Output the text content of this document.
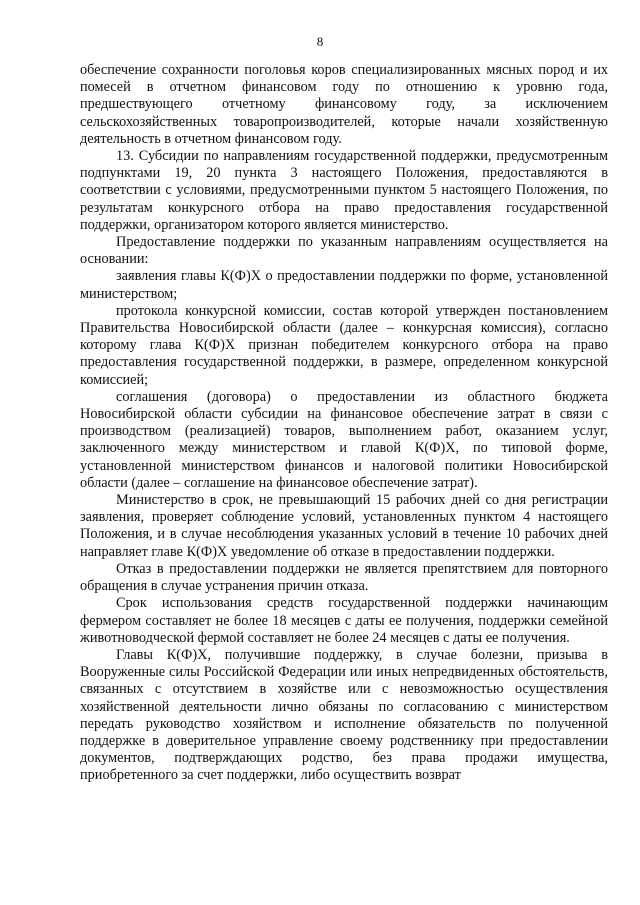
8

обеспечение сохранности поголовья коров специализированных мясных пород и их помесей в отчетном финансовом году по отношению к уровню года, предшествующего отчетному финансовому году, за исключением сельскохозяйственных товаропроизводителей, которые начали хозяйственную деятельность в отчетном финансовом году.

13. Субсидии по направлениям государственной поддержки, предусмотренным подпунктами 19, 20 пункта 3 настоящего Положения, предоставляются в соответствии с условиями, предусмотренными пунктом 5 настоящего Положения, по результатам конкурсного отбора на право предоставления государственной поддержки, организатором которого является министерство.

Предоставление поддержки по указанным направлениям осуществляется на основании:

заявления главы К(Ф)Х о предоставлении поддержки по форме, установленной министерством;

протокола конкурсной комиссии, состав которой утвержден постановлением Правительства Новосибирской области (далее – конкурсная комиссия), согласно которому глава К(Ф)Х признан победителем конкурсного отбора на право предоставления государственной поддержки, в размере, определенном конкурсной комиссией;

соглашения (договора) о предоставлении из областного бюджета Новосибирской области субсидии на финансовое обеспечение затрат в связи с производством (реализацией) товаров, выполнением работ, оказанием услуг, заключенного между министерством и главой К(Ф)Х, по типовой форме, установленной министерством финансов и налоговой политики Новосибирской области (далее – соглашение на финансовое обеспечение затрат).

Министерство в срок, не превышающий 15 рабочих дней со дня регистрации заявления, проверяет соблюдение условий, установленных пунктом 4 настоящего Положения, и в случае несоблюдения указанных условий в течение 10 рабочих дней направляет главе К(Ф)Х уведомление об отказе в предоставлении поддержки.

Отказ в предоставлении поддержки не является препятствием для повторного обращения в случае устранения причин отказа.

Срок использования средств государственной поддержки начинающим фермером составляет не более 18 месяцев с даты ее получения, поддержки семейной животноводческой фермой составляет не более 24 месяцев с даты ее получения.

Главы К(Ф)Х, получившие поддержку, в случае болезни, призыва в Вооруженные силы Российской Федерации или иных непредвиденных обстоятельств, связанных с отсутствием в хозяйстве или с невозможностью осуществления хозяйственной деятельности лично обязаны по согласованию с министерством передать руководство хозяйством и исполнение обязательств по полученной поддержке в доверительное управление своему родственнику при предоставлении документов, подтверждающих родство, без права продажи имущества, приобретенного за счет поддержки, либо осуществить возврат
